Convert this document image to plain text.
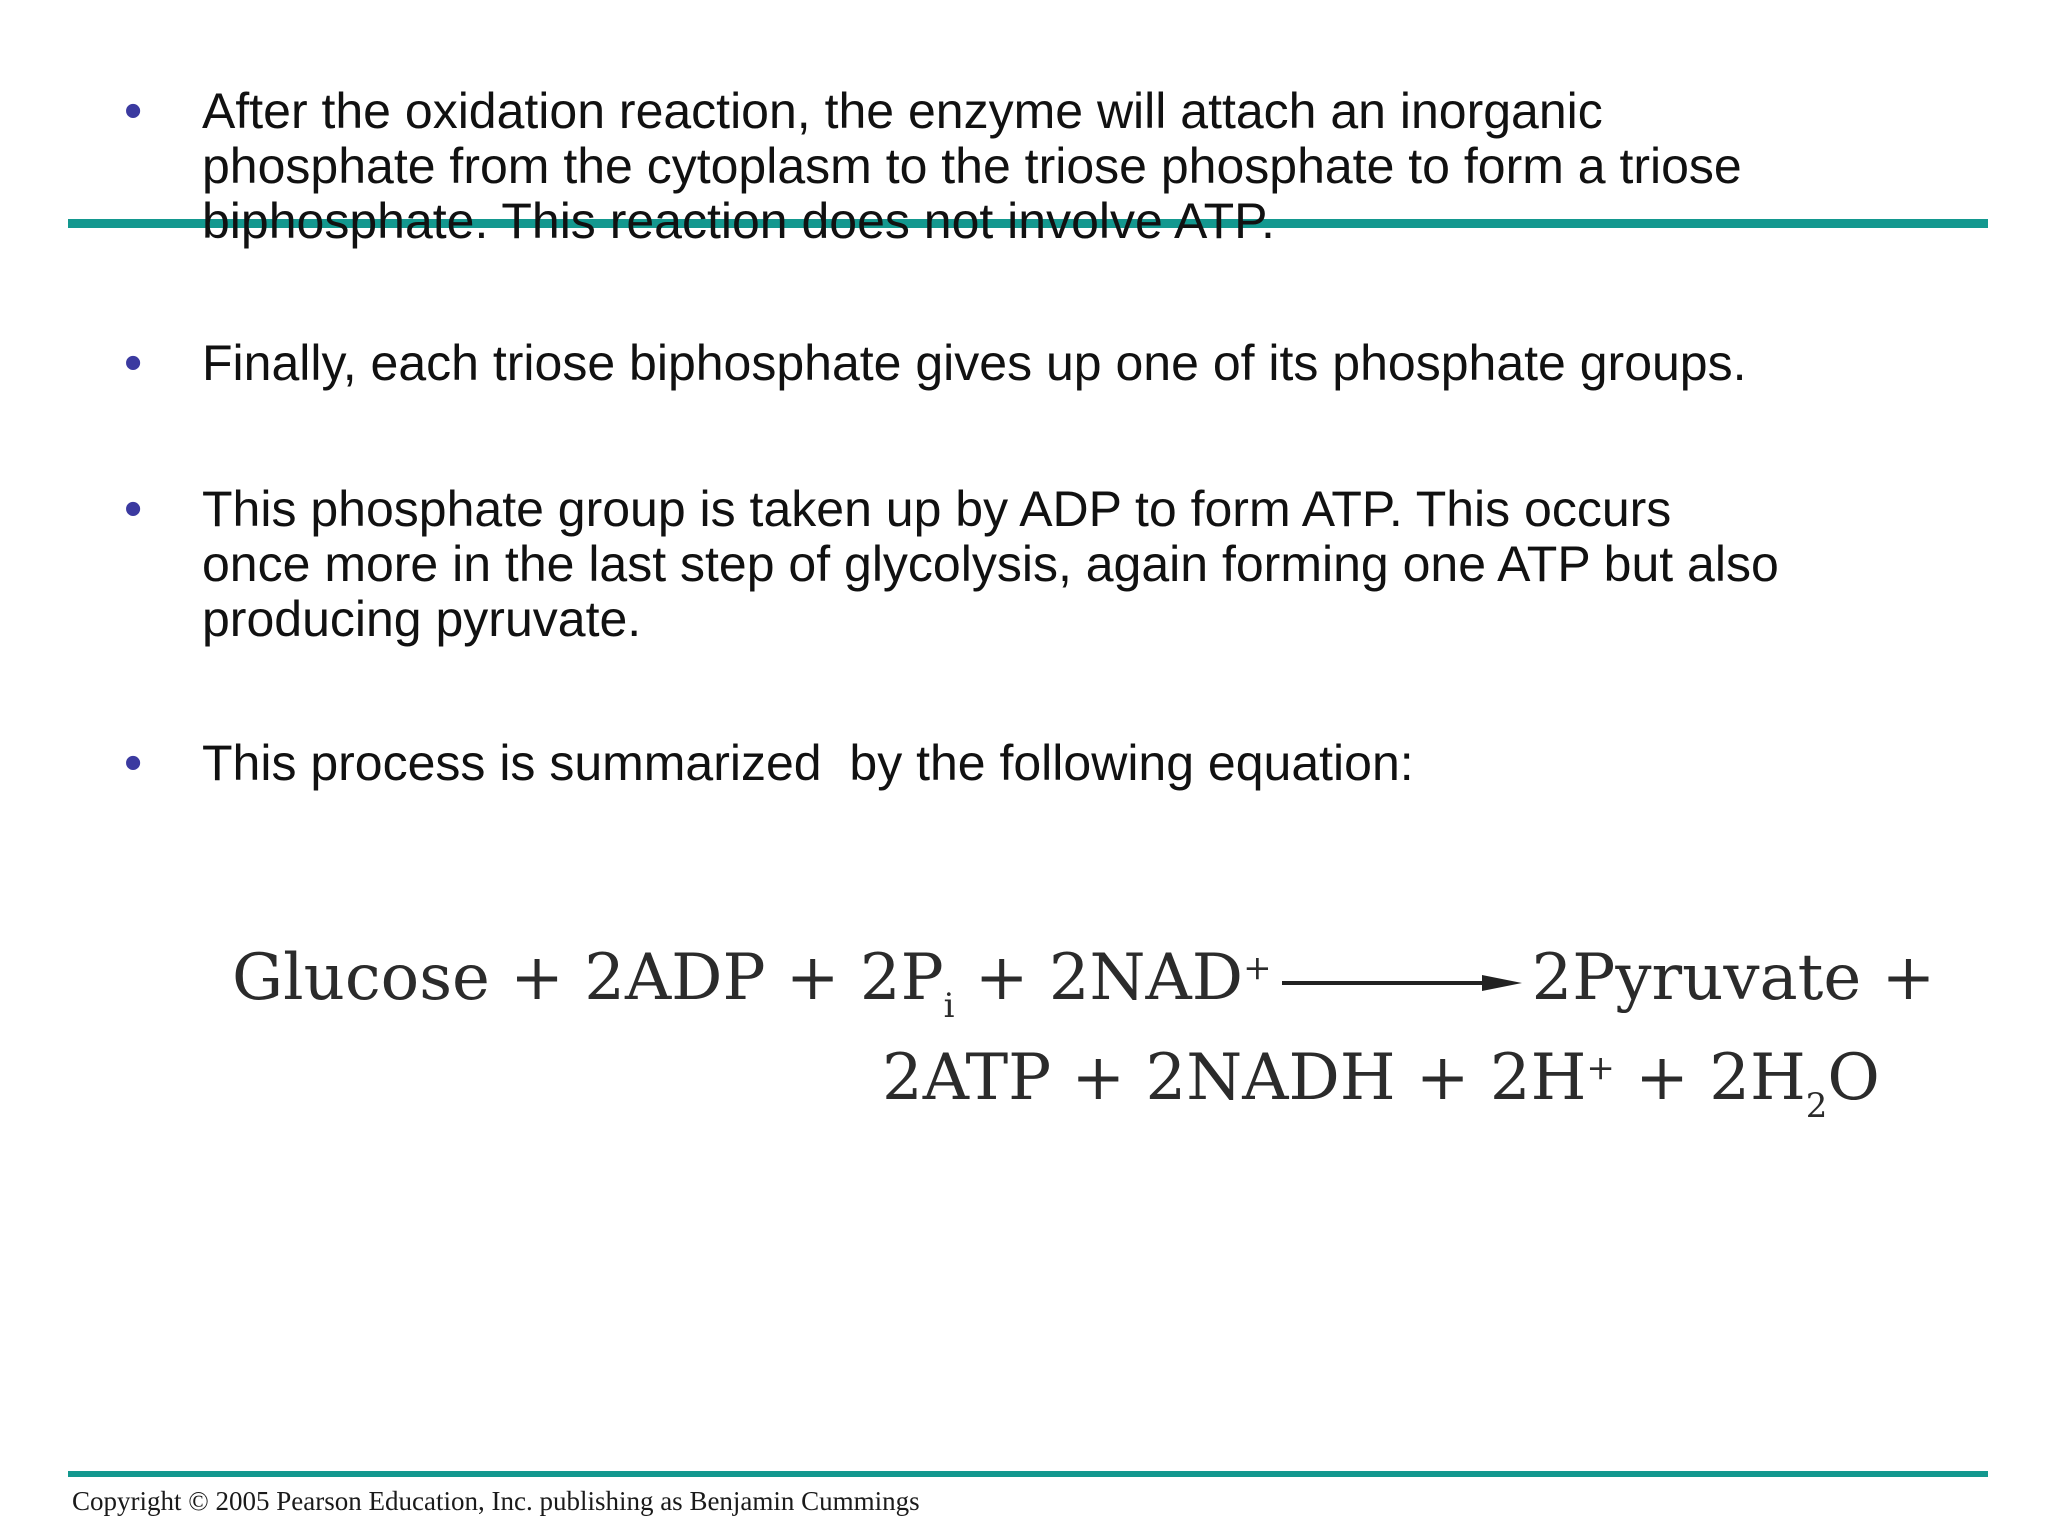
• After the oxidation reaction, the enzyme will attach an inorganic
phosphate from the cytoplasm to the triose phosphate to form a triose
biphosphate. This reaction does not involve ATP.
• Finally, each triose biphosphate gives up one of its phosphate groups.
• This phosphate group is taken up by ADP to form ATP. This occurs
once more in the last step of glycolysis, again forming one ATP but also
producing pyruvate.
• This process is summarized  by the following equation:
$Glucose + 2ADP + 2P_i + 2NAD^+$ → 2Pyruvate +
2ATP + 2NADH + $2H^+ + 2H_2O$
Copyright © 2005 Pearson Education, Inc. publishing as Benjamin Cummings
